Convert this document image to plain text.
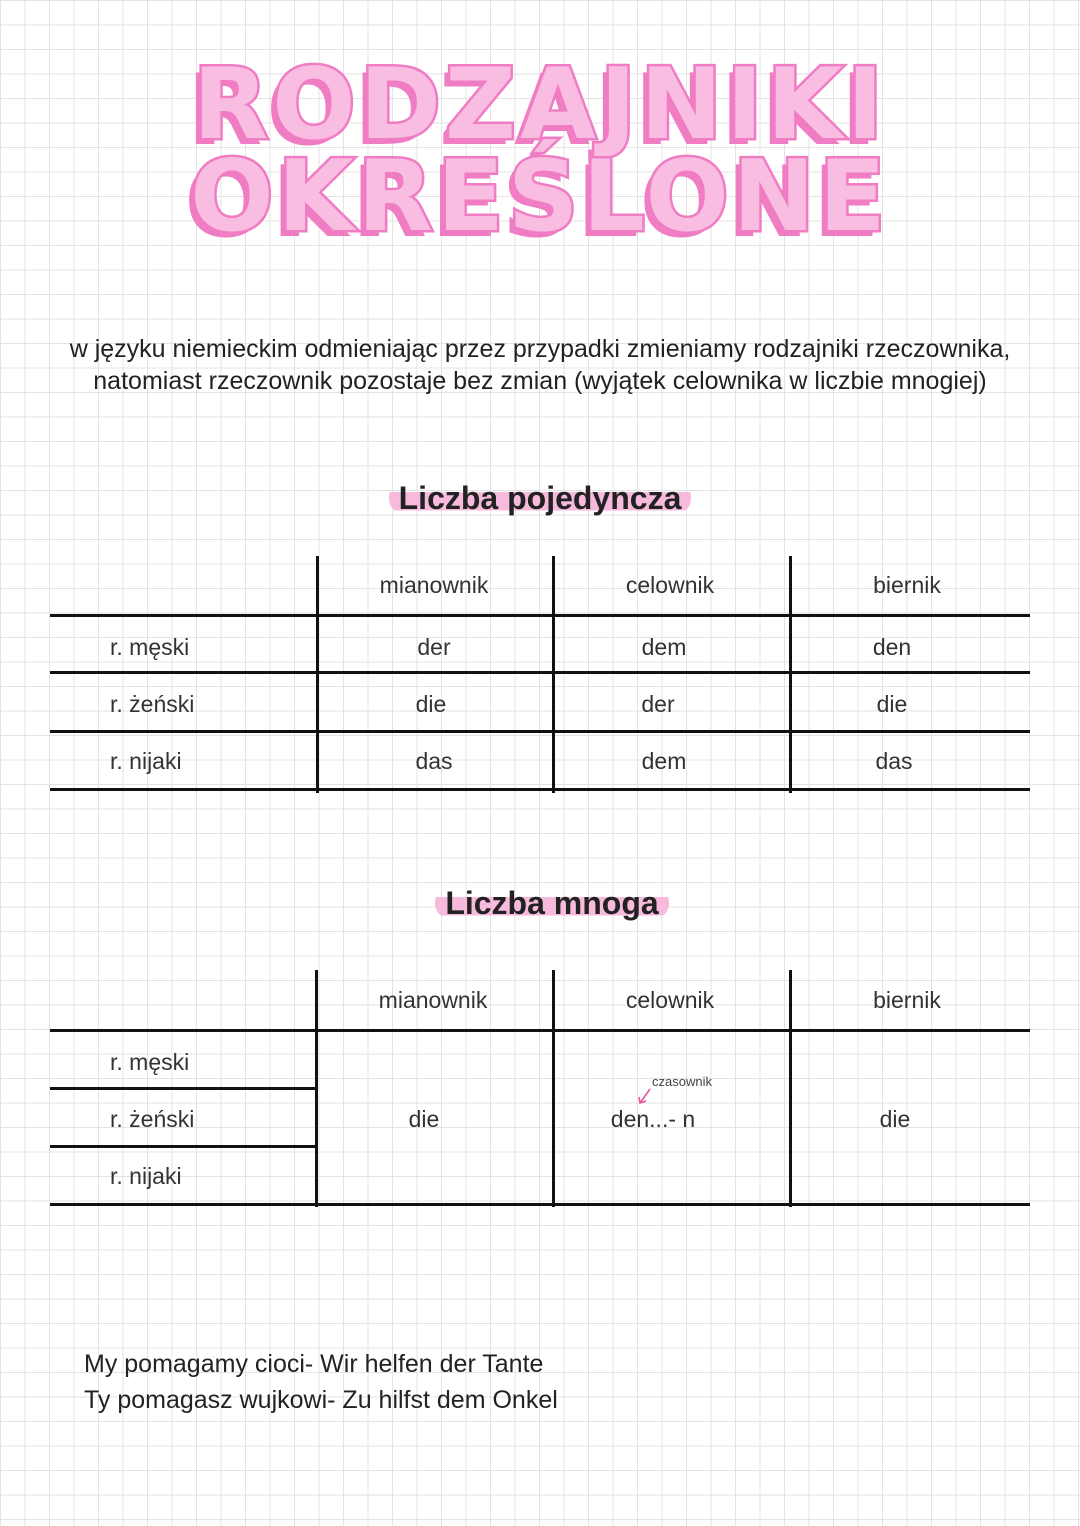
RODZAJNIKI
OKREŚLONE

w języku niemieckim odmieniając przez przypadki zmieniamy rodzajniki rzeczownika, natomiast rzeczownik pozostaje bez zmian (wyjątek celownika w liczbie mnogiej)

Liczba pojedyncza

mianownik	celownik	biernik

r. męski	der	dem	den

r. żeński	die	der	die

r. nijaki	das	dem	das

Liczba mnoga

mianownik	celownik	biernik

r. męski

r. żeński

r. nijaki

die	den...- n	die

czasownik

My pomagamy cioci- Wir helfen der Tante

Ty pomagasz wujkowi- Zu hilfst dem Onkel
